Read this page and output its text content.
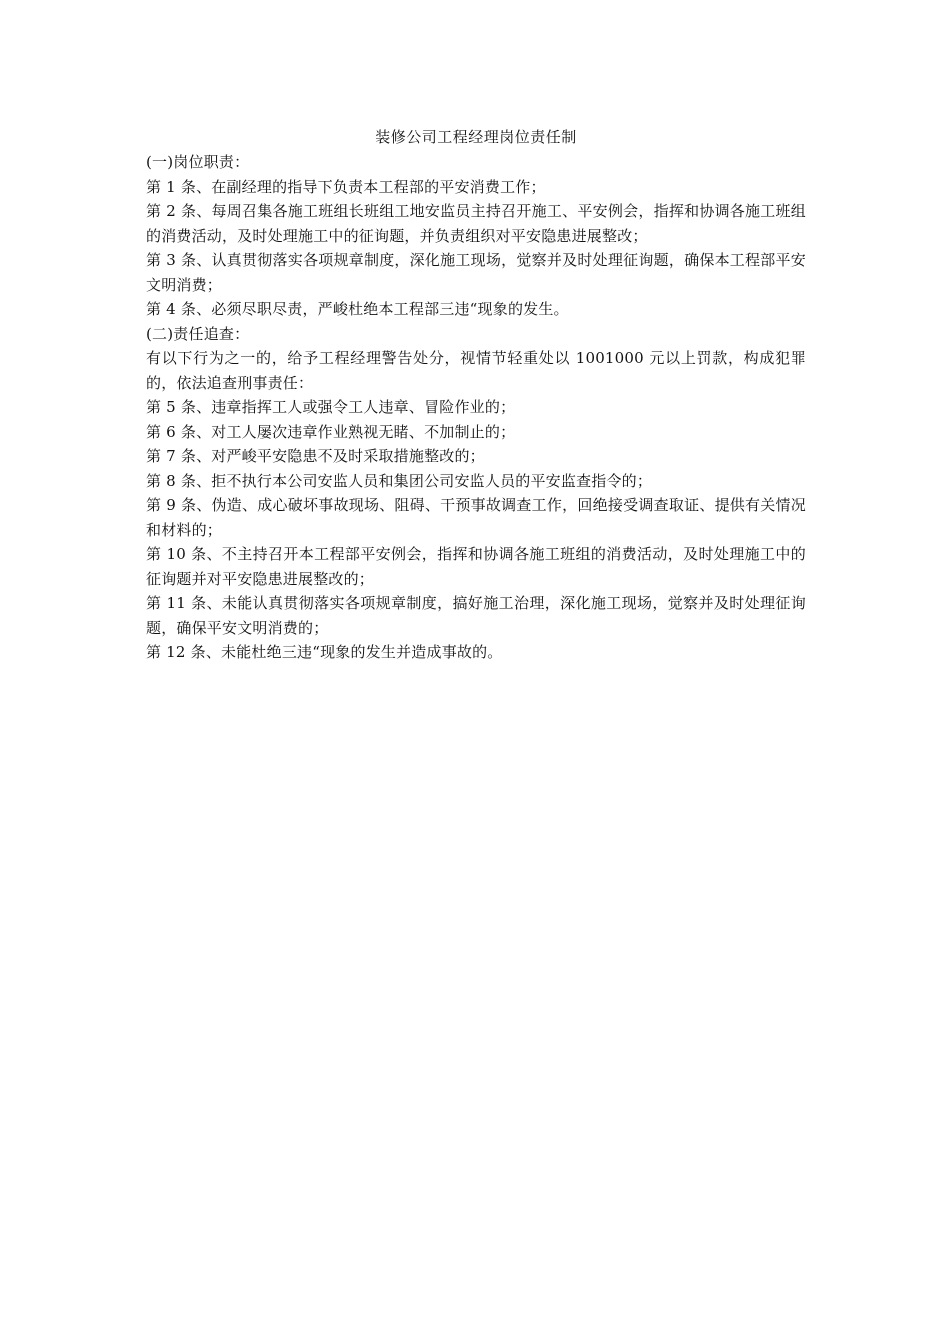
装修公司工程经理岗位责任制

(一)岗位职责：

第 1 条、在副经理的指导下负责本工程部的平安消费工作；

第 2 条、每周召集各施工班组长班组工地安监员主持召开施工、平安例会，指挥和协调各施工班组的消费活动，及时处理施工中的征询题，并负责组织对平安隐患进展整改；

第 3 条、认真贯彻落实各项规章制度，深化施工现场，觉察并及时处理征询题，确保本工程部平安文明消费；

第 4 条、必须尽职尽责，严峻杜绝本工程部三违“现象的发生。

(二)责任追查：

有以下行为之一的，给予工程经理警告处分，视情节轻重处以 1001000 元以上罚款，构成犯罪的，依法追查刑事责任：

第 5 条、违章指挥工人或强令工人违章、冒险作业的；

第 6 条、对工人屡次违章作业熟视无睹、不加制止的；

第 7 条、对严峻平安隐患不及时采取措施整改的；

第 8 条、拒不执行本公司安监人员和集团公司安监人员的平安监查指令的；

第 9 条、伪造、成心破坏事故现场、阻碍、干预事故调查工作，回绝接受调查取证、提供有关情况和材料的；

第 10 条、不主持召开本工程部平安例会，指挥和协调各施工班组的消费活动，及时处理施工中的征询题并对平安隐患进展整改的；

第 11 条、未能认真贯彻落实各项规章制度，搞好施工治理，深化施工现场，觉察并及时处理征询题，确保平安文明消费的；

第 12 条、未能杜绝三违“现象的发生并造成事故的。
